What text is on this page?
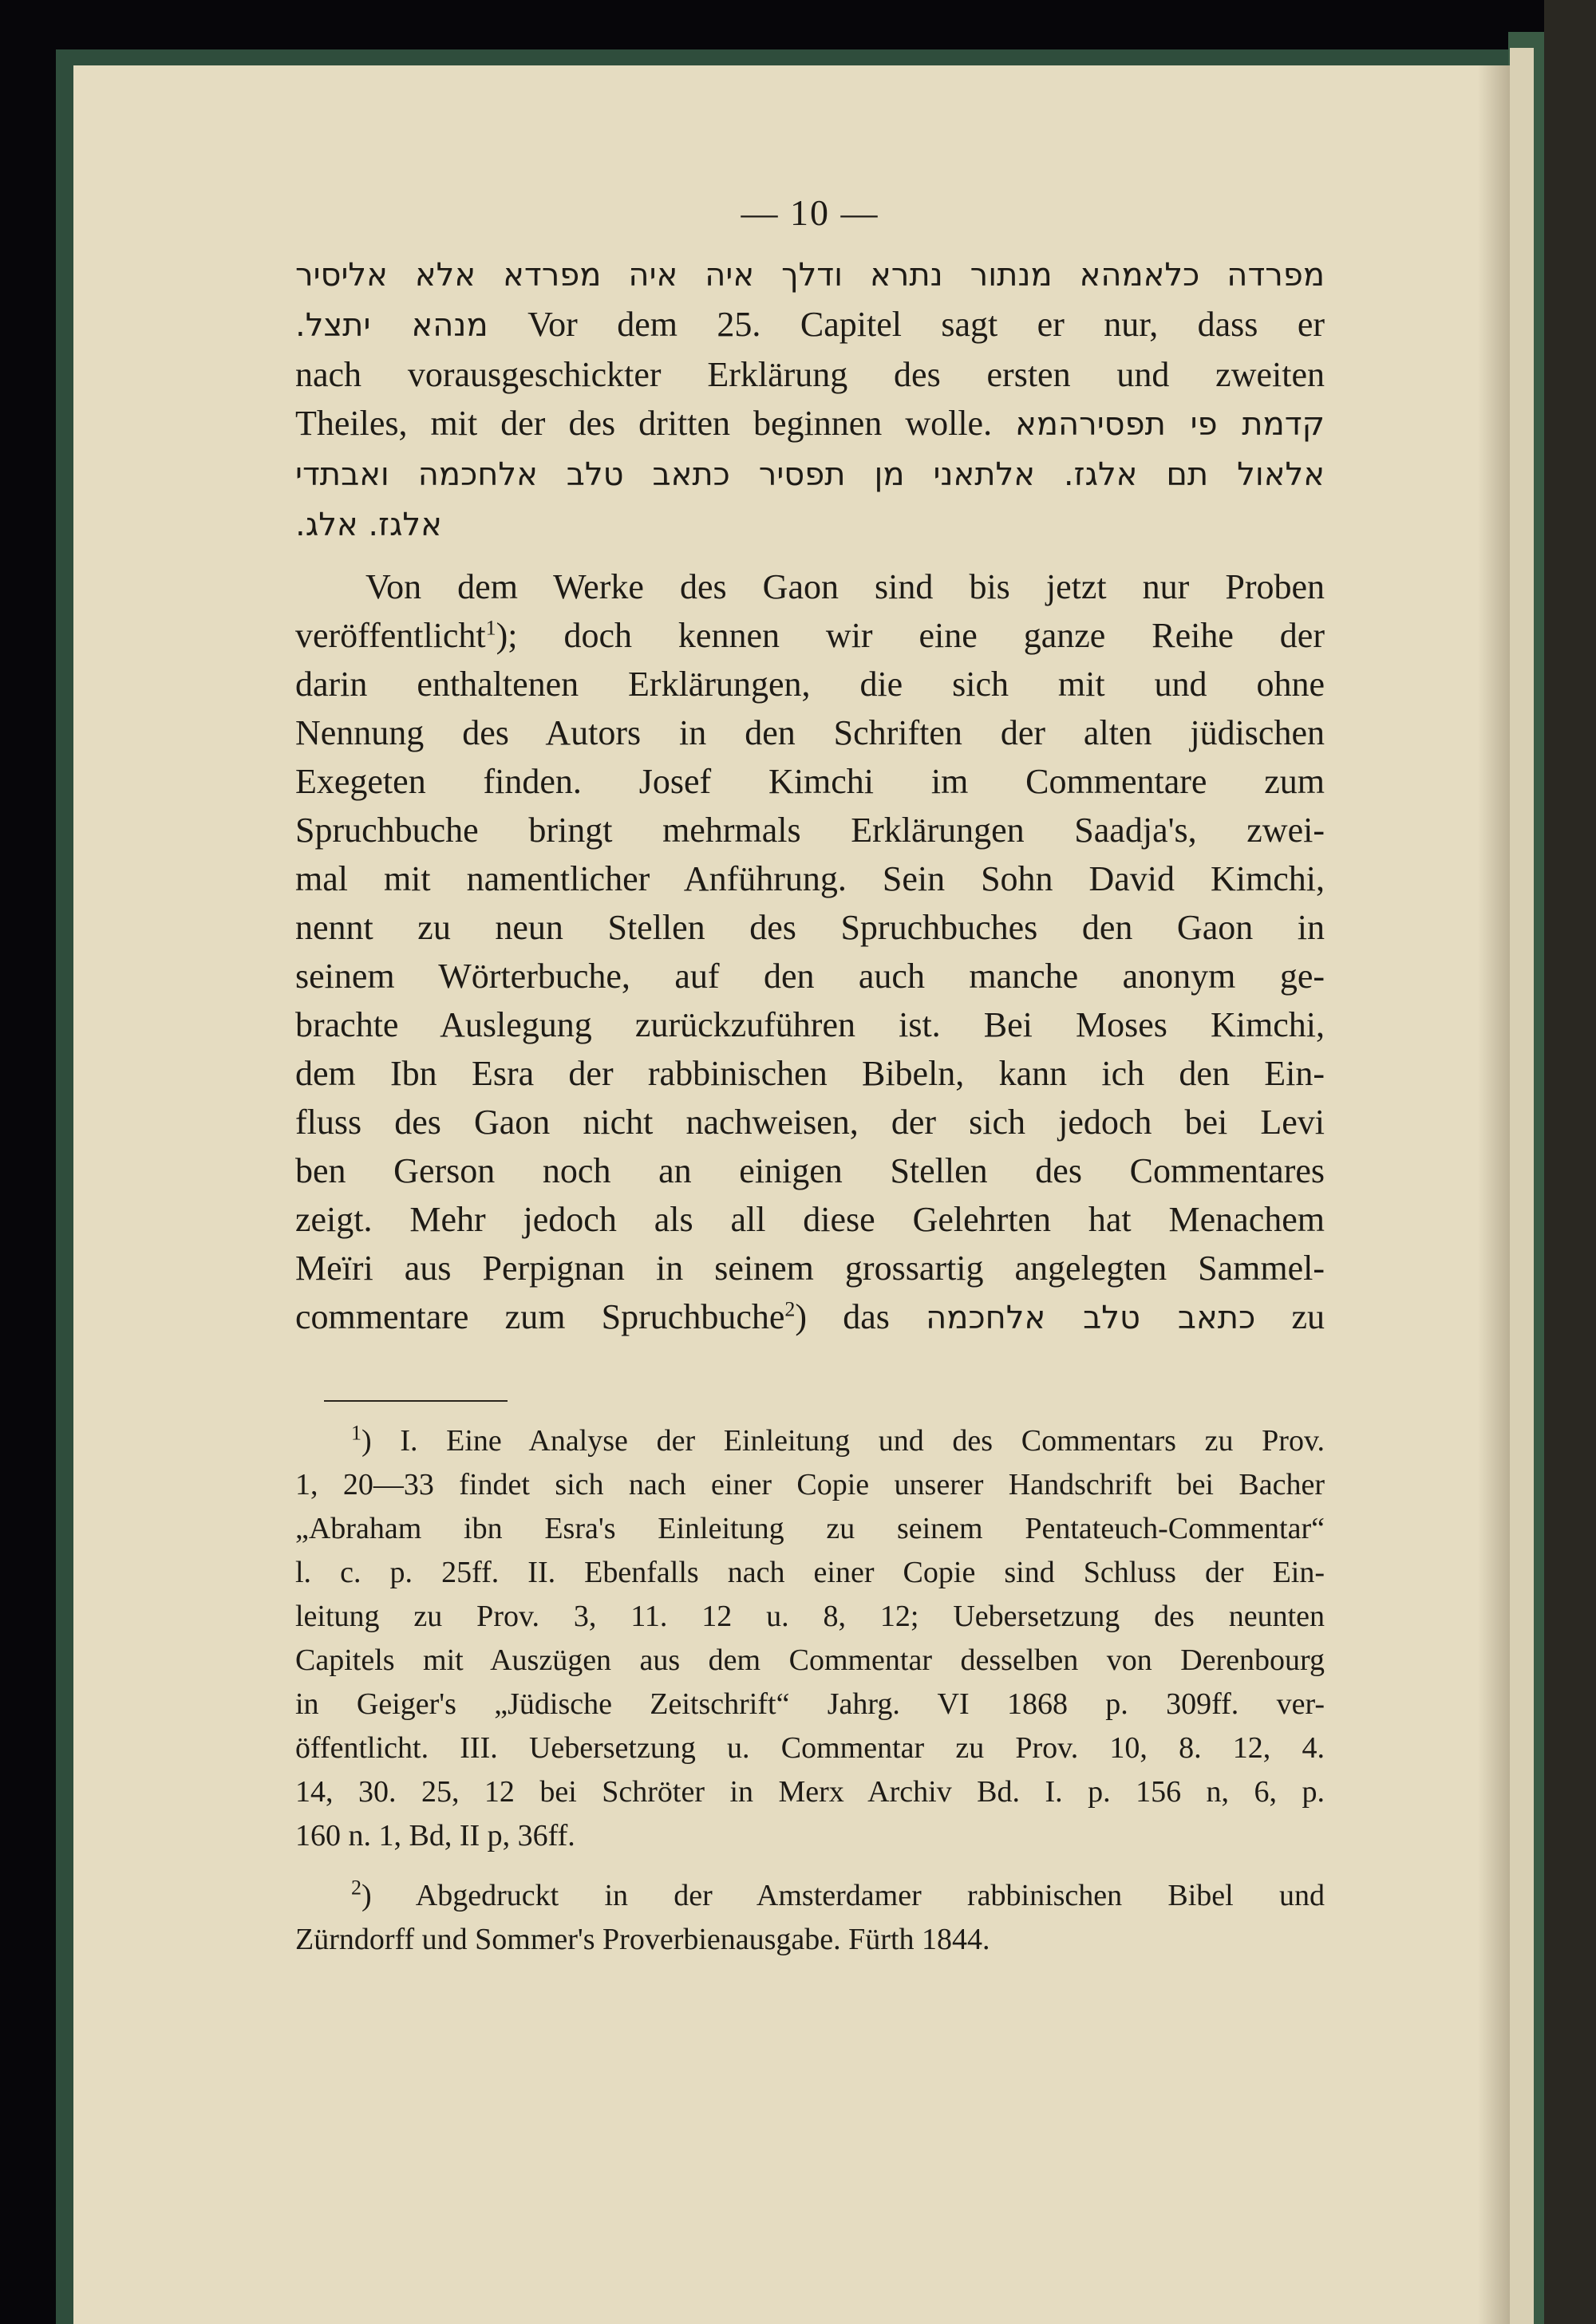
— 10 —

מפרדה כלאמהא מנתור נתרא ודלך איה איה מפרדא אלא אליסיר

מנהא יתצל. Vor dem 25. Capitel sagt er nur, dass er

nach vorausgeschickter Erklärung des ersten und zweiten

Theiles, mit der des dritten beginnen wolle. קדמת פי תפסירהמא

אלאול תם אלגז. אלתאני מן תפסיר כתאב טלב אלחכמה ואבתדי

אלגז. אלג.

Von dem Werke des Gaon sind bis jetzt nur Proben

veröffentlicht$^1$); doch kennen wir eine ganze Reihe der

darin enthaltenen Erklärungen, die sich mit und ohne

Nennung des Autors in den Schriften der alten jüdischen

Exegeten finden. Josef Kimchi im Commentare zum

Spruchbuche bringt mehrmals Erklärungen Saadja's, zwei-

mal mit namentlicher Anführung. Sein Sohn David Kimchi,

nennt zu neun Stellen des Spruchbuches den Gaon in

seinem Wörterbuche, auf den auch manche anonym ge-

brachte Auslegung zurückzuführen ist. Bei Moses Kimchi,

dem Ibn Esra der rabbinischen Bibeln, kann ich den Ein-

fluss des Gaon nicht nachweisen, der sich jedoch bei Levi

ben Gerson noch an einigen Stellen des Commentares

zeigt. Mehr jedoch als all diese Gelehrten hat Menachem

Meïri aus Perpignan in seinem grossartig angelegten Sammel-

commentare zum Spruchbuche$^2$) das כתאב טלב אלחכמה zu

$^1$) I. Eine Analyse der Einleitung und des Commentars zu Prov.

1, 20—33 findet sich nach einer Copie unserer Handschrift bei Bacher

„Abraham ibn Esra's Einleitung zu seinem Pentateuch-Commentar“

l. c. p. 25ff. II. Ebenfalls nach einer Copie sind Schluss der Ein-

leitung zu Prov. 3, 11. 12 u. 8, 12; Uebersetzung des neunten

Capitels mit Auszügen aus dem Commentar desselben von Derenbourg

in Geiger's „Jüdische Zeitschrift“ Jahrg. VI 1868 p. 309ff. ver-

öffentlicht. III. Uebersetzung u. Commentar zu Prov. 10, 8. 12, 4.

14, 30. 25, 12 bei Schröter in Merx Archiv Bd. I. p. 156 n, 6, p.

160 n. 1, Bd, II p, 36ff.

$^2$) Abgedruckt in der Amsterdamer rabbinischen Bibel und

Zürndorff und Sommer's Proverbienausgabe. Fürth 1844.
